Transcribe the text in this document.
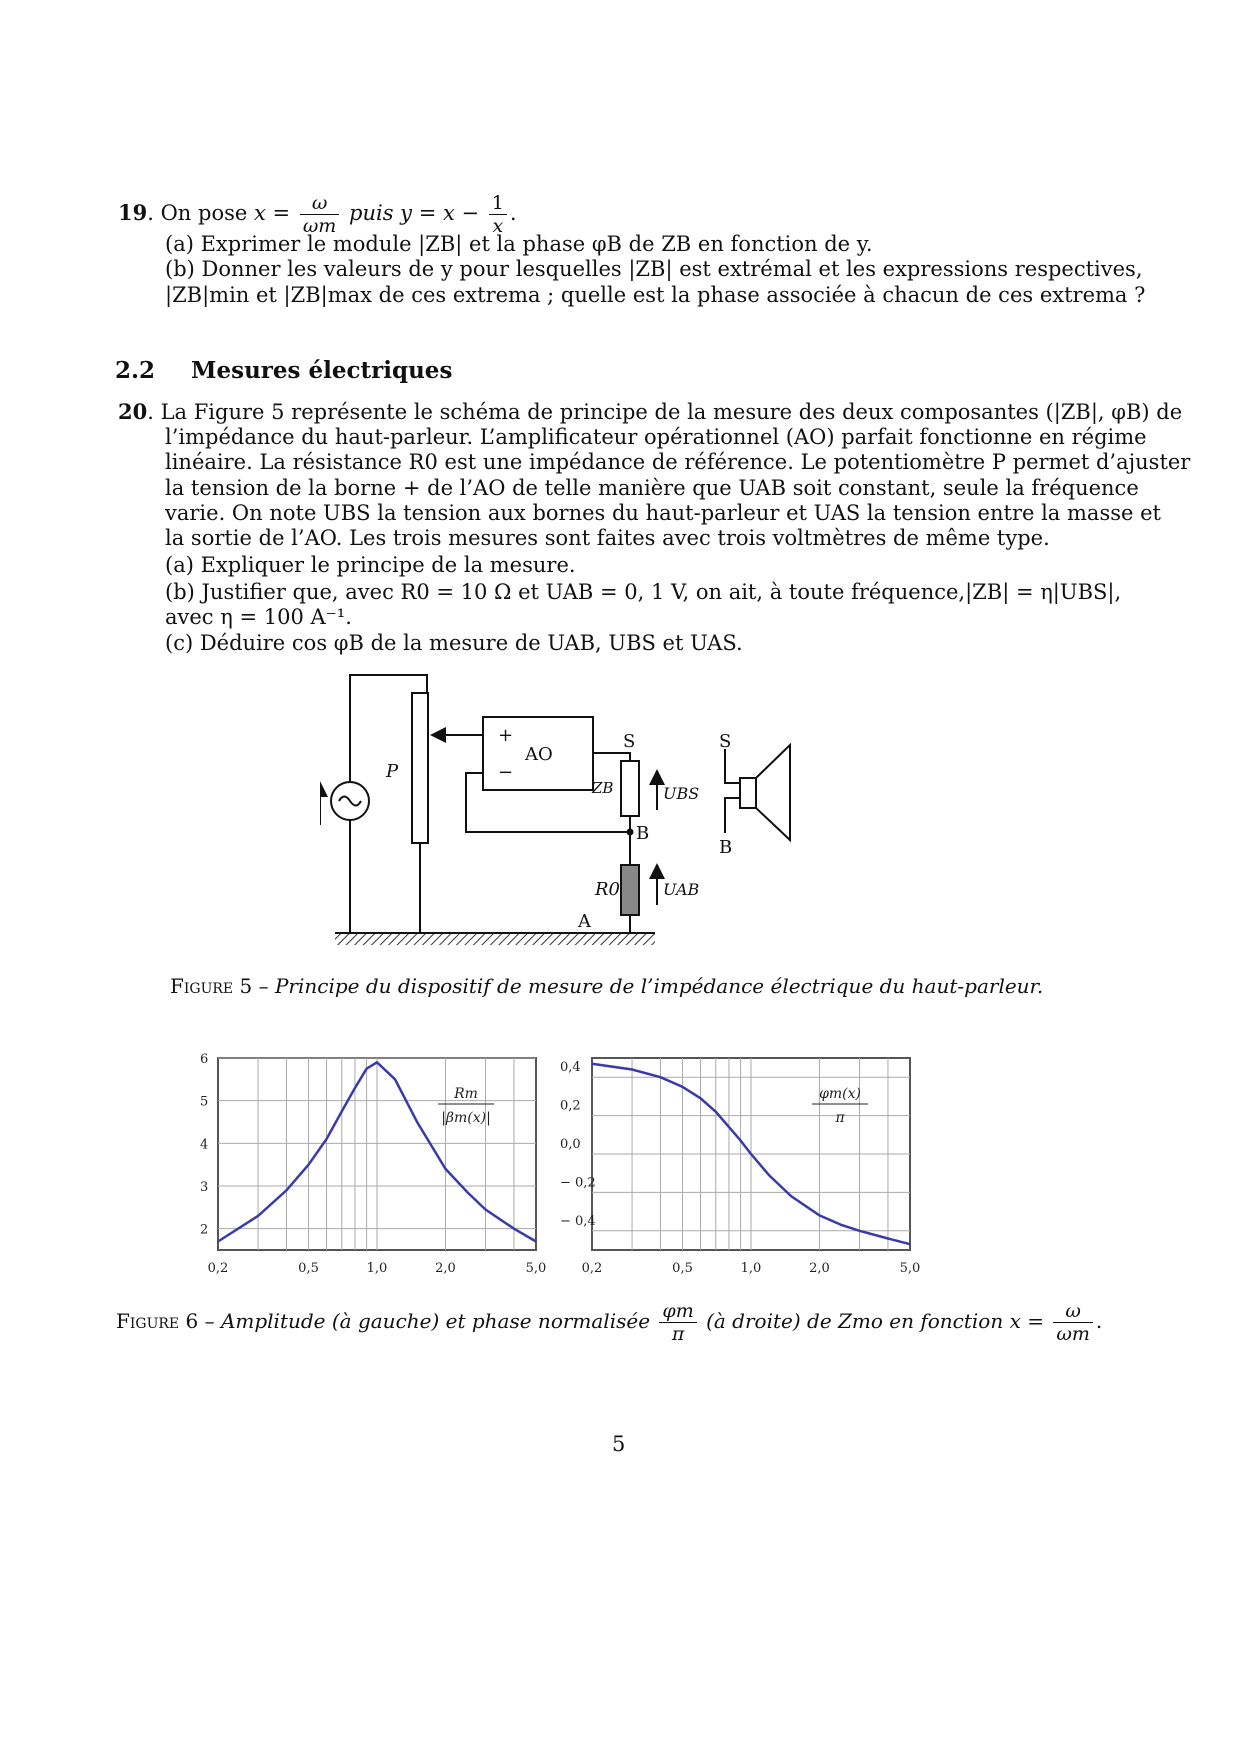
19. On pose $x = \frac{\omega}{\omega m}$ puis $y = x - \frac{1}{x}$ .
(a) Exprimer le module |ZB| et la phase φB de ZB en fonction de y.
(b) Donner les valeurs de y pour lesquelles |ZB| est extrémal et les expressions respectives,
|ZB|min et |ZB|max de ces extrema ; quelle est la phase associée à chacun de ces extrema ?
2.2 Mesures électriques
20. La Figure 5 représente le schéma de principe de la mesure des deux composantes (|ZB|, φB) de
l’impédance du haut-parleur. L’amplificateur opérationnel (AO) parfait fonctionne en régime
linéaire. La résistance R0 est une impédance de référence. Le potentiomètre P permet d’ajuster
la tension de la borne + de l’AO de telle manière que UAB soit constant, seule la fréquence
varie. On note UBS la tension aux bornes du haut-parleur et UAS la tension entre la masse et
la sortie de l’AO. Les trois mesures sont faites avec trois voltmètres de même type.
(a) Expliquer le principe de la mesure.
(b) Justifier que, avec R0 = 10 Ω et UAB = 0, 1 V, on ait, à toute fréquence,|ZB| = η|UBS|,
avec η = 100 A⁻¹.
(c) Déduire cos φB de la mesure de UAB, UBS et UAS.
+
−
AO
P
S
ZB	UBS
B
R0	UAB
A
S
B
Figure 5 – Principe du dispositif de mesure de l’impédance électrique du haut-parleur.
2
3
4
5
6
0,2	0,5	1,0	2,0	5,0
Rm
|βm(x)|
0,4
0,2
0,0
− 0,2
− 0,4
0,2	0,5	1,0	2,0	5,0
φm(x)
π
Figure 6 – Amplitude (à gauche) et phase normalisée $\frac{\varphi m}{\pi}$ (à droite) de Zmo en fonction $x = \frac{\omega}{\omega m}$ .
5
